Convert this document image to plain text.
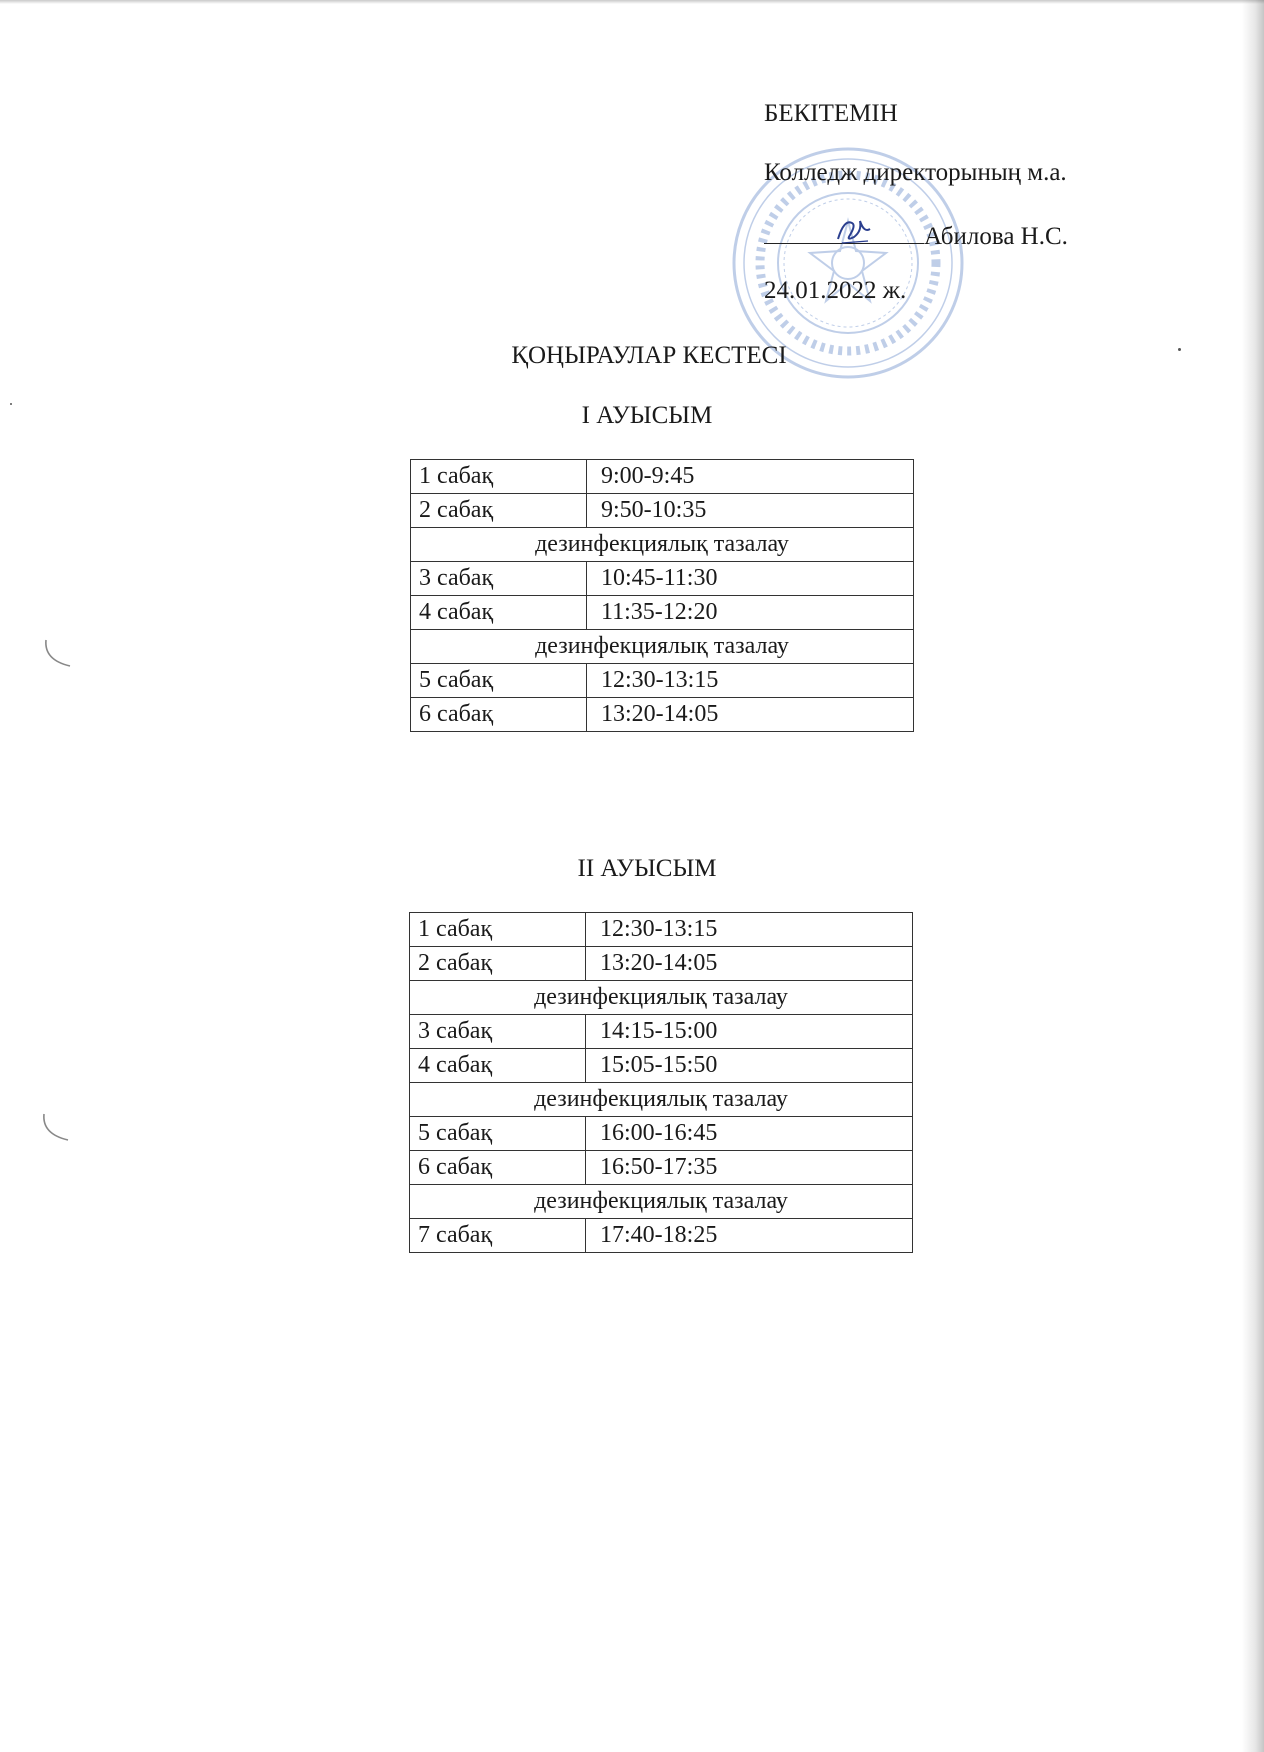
БЕКІТЕМІН
Колледж директорының м.а.
Абилова Н.С.
24.01.2022 ж.
ҚОҢЫРАУЛАР КЕСТЕСІ
I АУЫСЫМ
1 сабақ	9:00-9:45
2 сабақ	9:50-10:35
дезинфекциялық тазалау	
3 сабақ	10:45-11:30
4 сабақ	11:35-12:20
дезинфекциялық тазалау	
5 сабақ	12:30-13:15
6 сабақ	13:20-14:05
II АУЫСЫМ
1 сабақ	12:30-13:15
2 сабақ	13:20-14:05
дезинфекциялық тазалау	
3 сабақ	14:15-15:00
4 сабақ	15:05-15:50
дезинфекциялық тазалау	
5 сабақ	16:00-16:45
6 сабақ	16:50-17:35
дезинфекциялық тазалау	
7 сабақ	17:40-18:25
